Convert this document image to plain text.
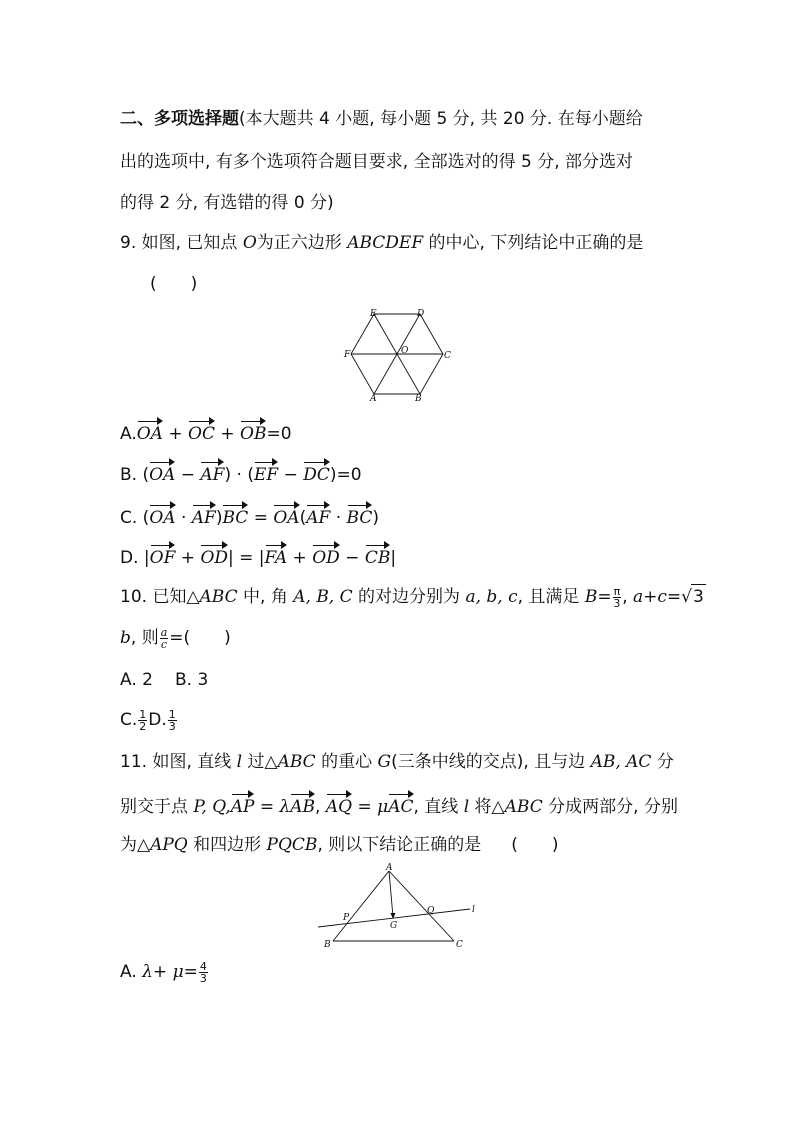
二、多项选择题(本大题共 4 小题, 每小题 5 分, 共 20 分. 在每小题给
出的选项中, 有多个选项符合题目要求, 全部选对的得 5 分, 部分选对
的得 2 分, 有选错的得 0 分)
9. 如图, 已知点 O为正六边形 ABCDEF 的中心, 下列结论中正确的是
(　　)
E	D
F	O	C
A	B
A.OA + OC + OB=0
B. (OA − AF) · (EF − DC)=0
C. (OA · AF)BC = OA(AF · BC)
D. |OF + OD| = |FA + OD − CB|
10. 已知△ABC 中, 角 A, B, C 的对边分别为 a, b, c, 且满足 $B= \frac{\pi}{3}$ , a+c=√3
b, 则 $\frac{a}{c}$ =(　　)
A. 2 B. 3
C. $\frac{1}{2} D$. $\frac{1}{3}$
11. 如图, 直线 l 过△ABC 的重心 G(三条中线的交点), 且与边 AB, AC 分
别交于点 P, Q,AP = λAB, AQ = μAC, 直线 l 将△ABC 分成两部分, 分别
为△APQ 和四边形 PQCB, 则以下结论正确的是 (　　)
A
P
Q	l
G
B	C
A. $\lambda+ \mu= \frac{4}{3}$
